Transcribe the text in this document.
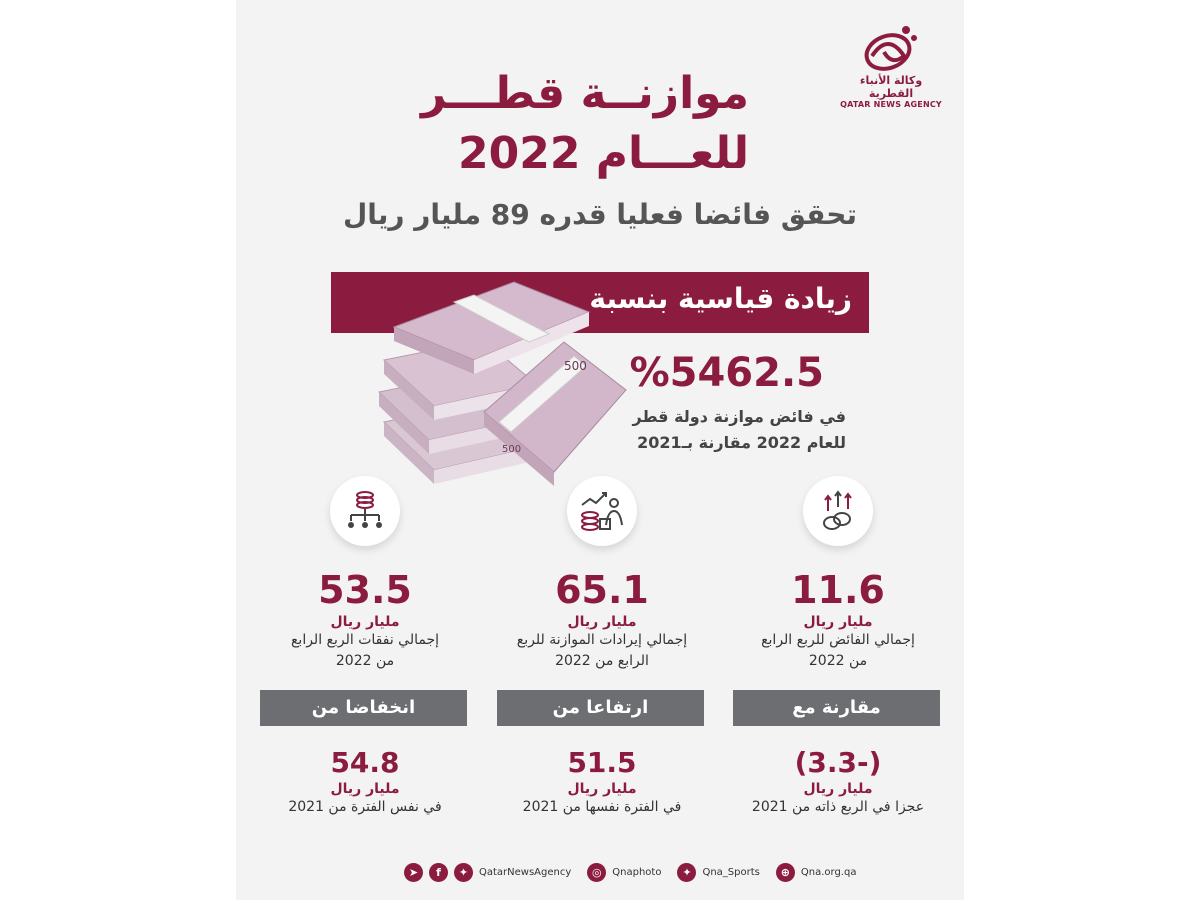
وكالة الأنباء القطرية
QATAR NEWS AGENCY
موازنــة قطـــر
للعـــام 2022
تحقق فائضا فعليا قدره 89 مليار ريال
زيادة قياسية بنسبة
500
500
%5462.5
في فائض موازنة دولة قطر
للعام 2022 مقارنة بـ2021
11.6
مليار ريال
إجمالي الفائض للربع الرابع
من 2022
65.1
مليار ريال
إجمالي إيرادات الموازنة للربع
الرابع من 2022
53.5
مليار ريال
إجمالي نفقات الربع الرابع
من 2022
مقارنة مع
ارتفاعا من
انخفاضا من
(3.3-)
مليار ريال
عجزا في الربع ذاته من 2021
51.5
مليار ريال
في الفترة نفسها من 2021
54.8
مليار ريال
في نفس الفترة من 2021
➤	f	✦	QatarNewsAgency	◎	Qnaphoto	✦	Qna_Sports	⊕	Qna.org.qa
